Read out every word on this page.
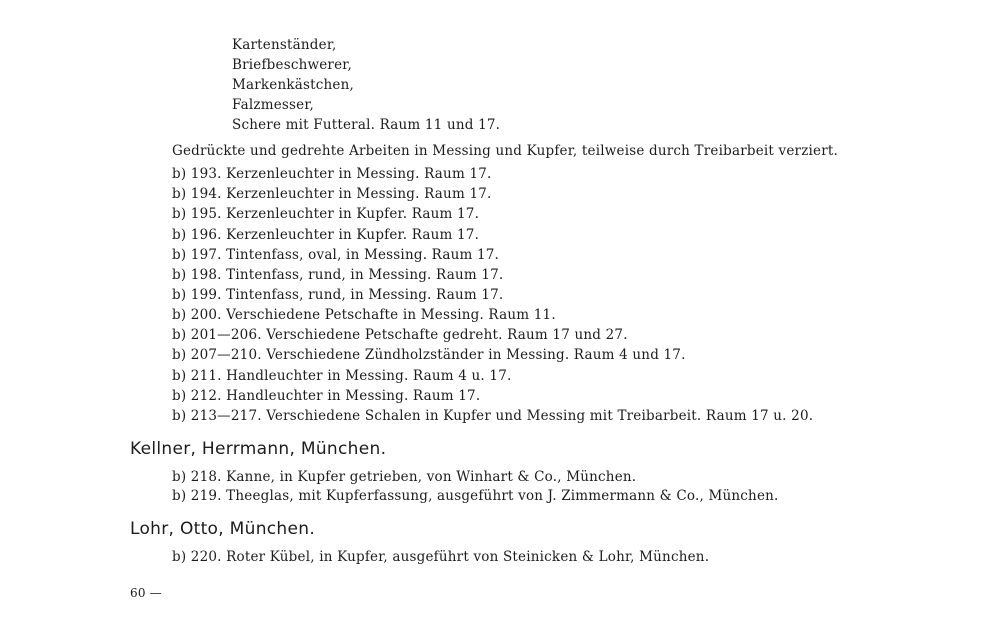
Kartenständer,
Briefbeschwerer,
Markenkästchen,
Falzmesser,
Schere mit Futteral. Raum 11 und 17.
Gedrückte und gedrehte Arbeiten in Messing und Kupfer, teilweise durch Treibarbeit verziert.
b) 193. Kerzenleuchter in Messing. Raum 17.
b) 194. Kerzenleuchter in Messing. Raum 17.
b) 195. Kerzenleuchter in Kupfer. Raum 17.
b) 196. Kerzenleuchter in Kupfer. Raum 17.
b) 197. Tintenfass, oval, in Messing. Raum 17.
b) 198. Tintenfass, rund, in Messing. Raum 17.
b) 199. Tintenfass, rund, in Messing. Raum 17.
b) 200. Verschiedene Petschafte in Messing. Raum 11.
b) 201—206. Verschiedene Petschafte gedreht. Raum 17 und 27.
b) 207—210. Verschiedene Zündholzständer in Messing. Raum 4 und 17.
b) 211. Handleuchter in Messing. Raum 4 u. 17.
b) 212. Handleuchter in Messing. Raum 17.
b) 213—217. Verschiedene Schalen in Kupfer und Messing mit Treibarbeit. Raum 17 u. 20.
Kellner, Herrmann, München.
b) 218. Kanne, in Kupfer getrieben, von Winhart & Co., München.
b) 219. Theeglas, mit Kupferfassung, ausgeführt von J. Zimmermann & Co., München.
Lohr, Otto, München.
b) 220. Roter Kübel, in Kupfer, ausgeführt von Steinicken & Lohr, München.
60 —
